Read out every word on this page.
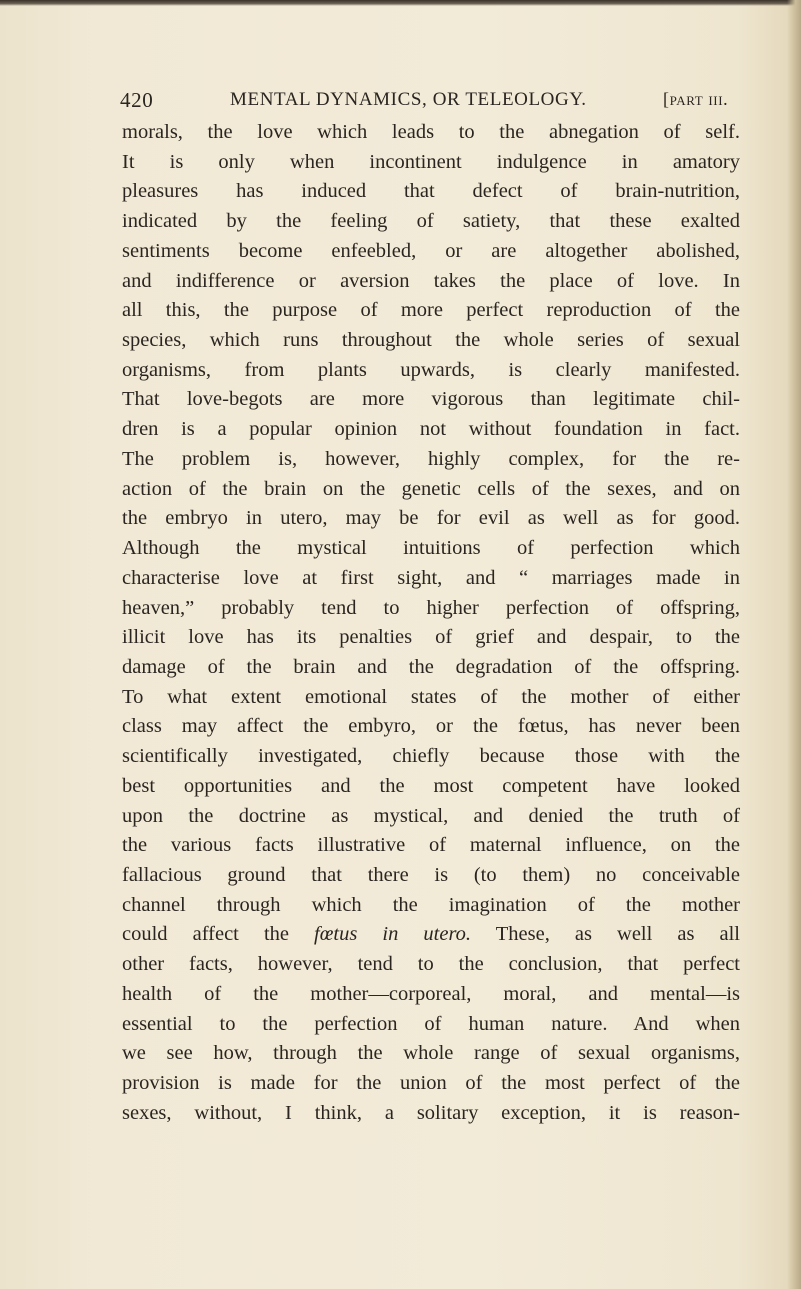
420	MENTAL DYNAMICS, OR TELEOLOGY.	[part iii.
morals, the love which leads to the abnegation of self.
It is only when incontinent indulgence in amatory
pleasures has induced that defect of brain-nutrition,
indicated by the feeling of satiety, that these exalted
sentiments become enfeebled, or are altogether abolished,
and indifference or aversion takes the place of love. In
all this, the purpose of more perfect reproduction of the
species, which runs throughout the whole series of sexual
organisms, from plants upwards, is clearly manifested.
That love-begots are more vigorous than legitimate chil-
dren is a popular opinion not without foundation in fact.
The problem is, however, highly complex, for the re-
action of the brain on the genetic cells of the sexes, and on
the embryo in utero, may be for evil as well as for good.
Although the mystical intuitions of perfection which
characterise love at first sight, and “ marriages made in
heaven,” probably tend to higher perfection of offspring,
illicit love has its penalties of grief and despair, to the
damage of the brain and the degradation of the offspring.
To what extent emotional states of the mother of either
class may affect the embyro, or the fœtus, has never been
scientifically investigated, chiefly because those with the
best opportunities and the most competent have looked
upon the doctrine as mystical, and denied the truth of
the various facts illustrative of maternal influence, on the
fallacious ground that there is (to them) no conceivable
channel through which the imagination of the mother
could affect the fœtus in utero. These, as well as all
other facts, however, tend to the conclusion, that perfect
health of the mother—corporeal, moral, and mental—is
essential to the perfection of human nature. And when
we see how, through the whole range of sexual organisms,
provision is made for the union of the most perfect of the
sexes, without, I think, a solitary exception, it is reason-
